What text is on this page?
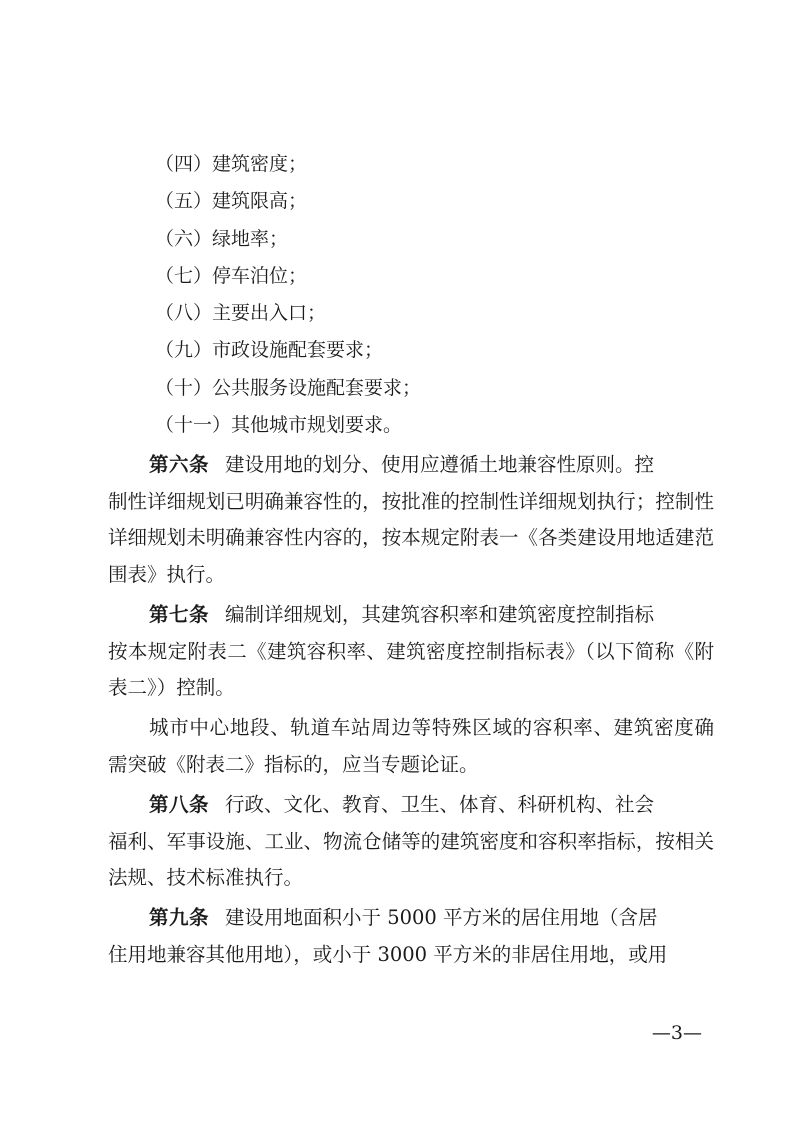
（四）建筑密度；
（五）建筑限高；
（六）绿地率；
（七）停车泊位；
（八）主要出入口；
（九）市政设施配套要求；
（十）公共服务设施配套要求；
（十一）其他城市规划要求。
第六条 建设用地的划分、使用应遵循土地兼容性原则。控
制性详细规划已明确兼容性的，按批准的控制性详细规划执行；控制性详细规划未明确兼容性内容的，按本规定附表一《各类建设用地适建范围表》执行。
第七条 编制详细规划，其建筑容积率和建筑密度控制指标
按本规定附表二《建筑容积率、建筑密度控制指标表》（以下简称《附表二》）控制。
城市中心地段、轨道车站周边等特殊区域的容积率、建筑密度确需突破《附表二》指标的，应当专题论证。
第八条 行政、文化、教育、卫生、体育、科研机构、社会
福利、军事设施、工业、物流仓储等的建筑密度和容积率指标，按相关法规、技术标准执行。
第九条 建设用地面积小于 5000 平方米的居住用地（含居
住用地兼容其他用地），或小于 3000 平方米的非居住用地，或用
—3—
